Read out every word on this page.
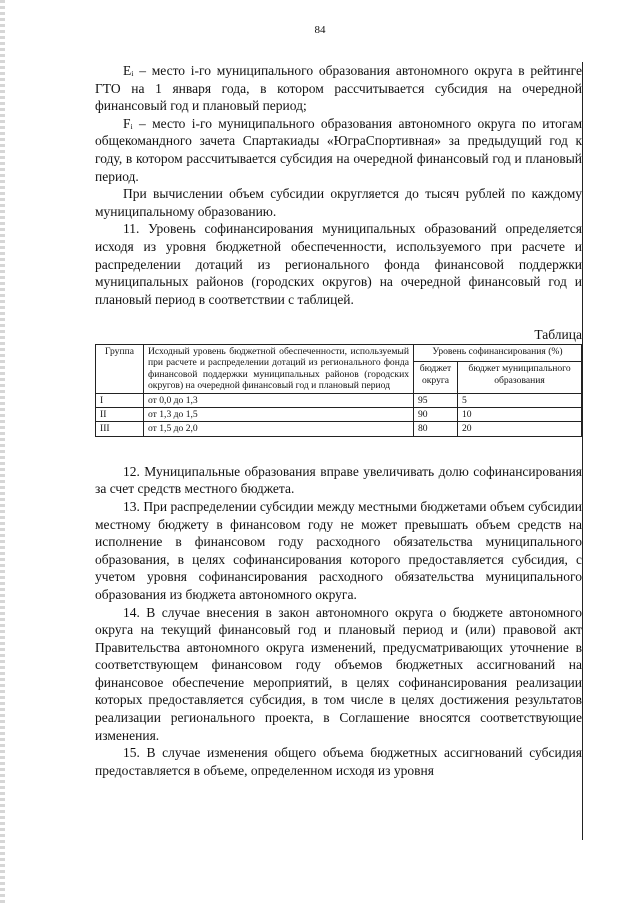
84

Eᵢ – место i-го муниципального образования автономного округа в рейтинге ГТО на 1 января года, в котором рассчитывается субсидия на очередной финансовый год и плановый период;

Fᵢ – место i-го муниципального образования автономного округа по итогам общекомандного зачета Спартакиады «ЮграСпортивная» за предыдущий год к году, в котором рассчитывается субсидия на очередной финансовый год и плановый период.

При вычислении объем субсидии округляется до тысяч рублей по каждому муниципальному образованию.

11. Уровень софинансирования муниципальных образований определяется исходя из уровня бюджетной обеспеченности, используемого при расчете и распределении дотаций из регионального фонда финансовой поддержки муниципальных районов (городских округов) на очередной финансовый год и плановый период в соответствии с таблицей.

Таблица
Группа	Исходный уровень бюджетной обеспеченности, используемый при расчете и распределении дотаций из регионального фонда финансовой поддержки муниципальных районов (городских округов) на очередной финансовый год и плановый период	Уровень софинансирования (%)	
		бюджет округа	бюджет муниципального образования
I	от 0,0 до 1,3	95	5
II	от 1,3 до 1,5	90	10
III	от 1,5 до 2,0	80	20

12. Муниципальные образования вправе увеличивать долю софинансирования за счет средств местного бюджета.

13. При распределении субсидии между местными бюджетами объем субсидии местному бюджету в финансовом году не может превышать объем средств на исполнение в финансовом году расходного обязательства муниципального образования, в целях софинансирования которого предоставляется субсидия, с учетом уровня софинансирования расходного обязательства муниципального образования из бюджета автономного округа.

14. В случае внесения в закон автономного округа о бюджете автономного округа на текущий финансовый год и плановый период и (или) правовой акт Правительства автономного округа изменений, предусматривающих уточнение в соответствующем финансовом году объемов бюджетных ассигнований на финансовое обеспечение мероприятий, в целях софинансирования реализации которых предоставляется субсидия, в том числе в целях достижения результатов реализации регионального проекта, в Соглашение вносятся соответствующие изменения.

15. В случае изменения общего объема бюджетных ассигнований субсидия предоставляется в объеме, определенном исходя из уровня
